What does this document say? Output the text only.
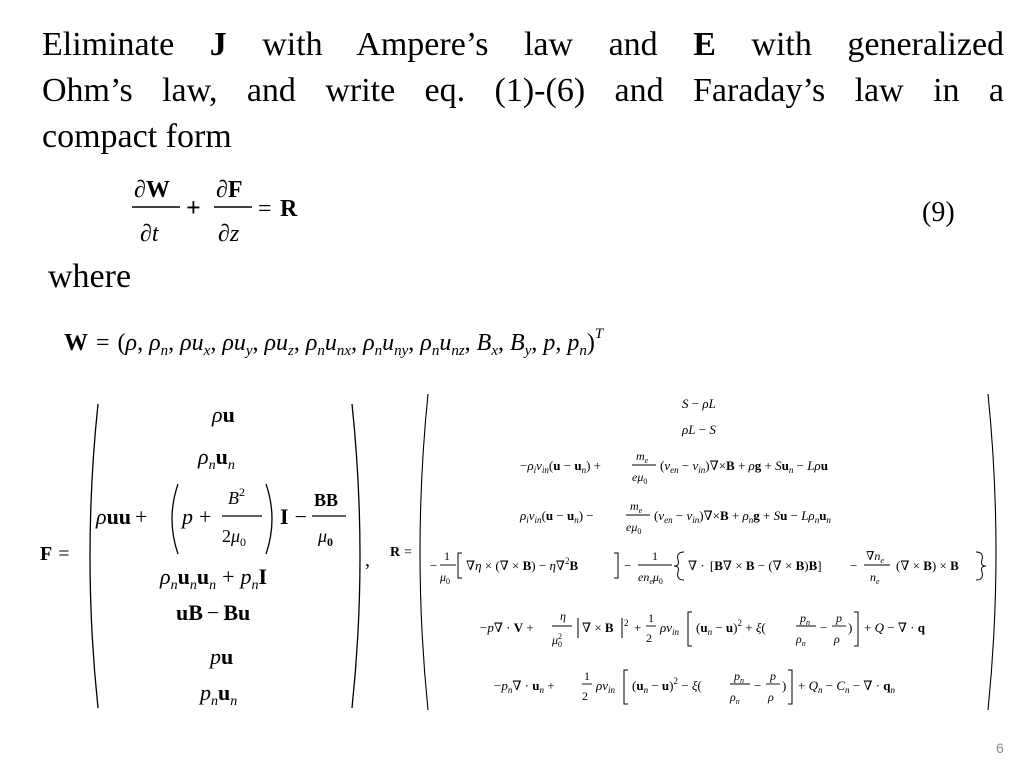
Eliminate J with Ampere’s law and E with generalized
Ohm’s law, and write eq. (1)-(6) and Faraday’s law in a
compact form
∂W
∂t
+
∂F
∂z
= R	(9)
where
W = (ρ, $\rho_n$, $\rho u_x$, $\rho u_y$, $\rho u_z$, $\rho_nu_{nx}$, $\rho_nu_{ny}$, $\rho_nu_{nz}$, $B_x$, $B_y$, p, $p_n)^T$
F =
ρu
$\rho_nu_n$
ρuu + p +
$B^2$
$2\mu_0$
I −
BB
$\mu_0$
$\rho_nu_nu_n + p_nI$
uB − Bu
pu
$p_nu_n$
, R =
S − ρL
ρL − S
$-\rho_i\nu_{in}(u - u_n)$ +
$m_e$
$e\mu_0$
$(\nu_{en} - \nu_{in})\nabla\times B + \rho g + Su_n - L\rho u$
$\rho_i\nu_{in}(u - u_n)$ −
$m_e$
$e\mu_0$
$(\nu_{en} - \nu_{in})\nabla\times B + \rho_ng + Su - L\rho_nu_n$
−
1
$\mu_0$
∇η × (∇ × B) − η∇$^2$B	−
1
$en_e\mu_0$
∇ · [B∇ × B − (∇ × B)B] −
$\nabla n_e$
$n_e$
(∇ × B) × B
−p∇ · V +
η
$\mu^2$ 0
∇ × B 2 +
1
2
$\rho\nu_{in}$ $(u_n - u)^2 + \xi$(
$p_n$
$\rho_n$
−
p
ρ
) + Q − ∇ · q
$-p_n\nabla \cdot u_n$ +
1
2
$\rho\nu_{in}$ $(u_n - u)^2 - \xi$(
$p_n$
$\rho_n$
−
p
ρ
) + $Q_n - C_n$ − ∇ · $q_n$
6
